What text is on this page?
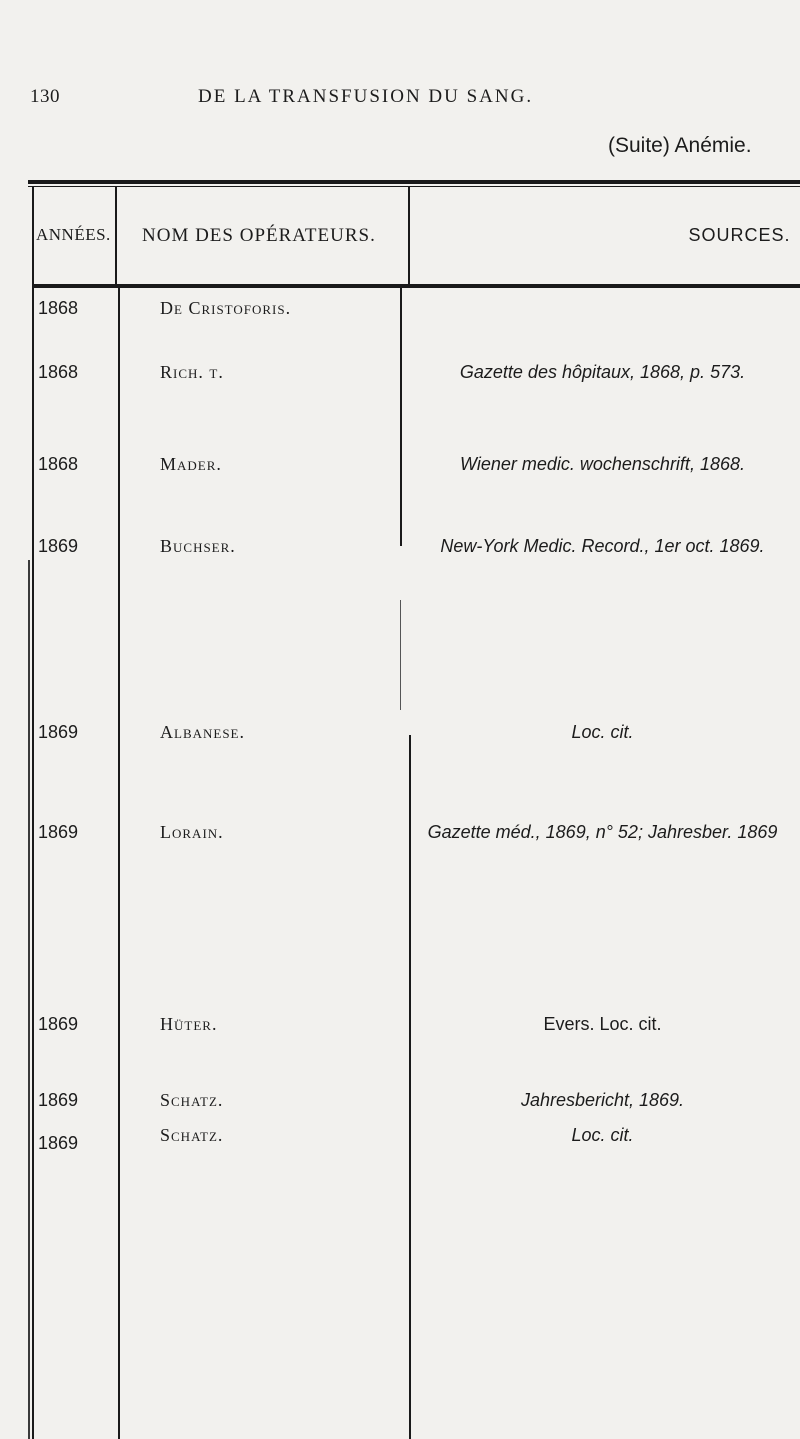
130	DE LA TRANSFUSION DU SANG.
(Suite) Anémie.
ANNÉES. NOM DES OPÉRATEURS.	SOURCES.
1868	De Cristoforis.
1868	Rich. t.	Gazette des hôpitaux, 1868, p. 573.
1868	Mader.	Wiener medic. wochenschrift, 1868.
1869	Buchser.	New-York Medic. Record., 1er oct. 1869.
1869	Albanese.	Loc. cit.
1869	Lorain.	Gazette méd., 1869, n° 52; Jahresber. 1869
1869	Hüter.	Evers. Loc. cit.
1869	Schatz.	Jahresbericht, 1869.
1869	Schatz.	Loc. cit.
